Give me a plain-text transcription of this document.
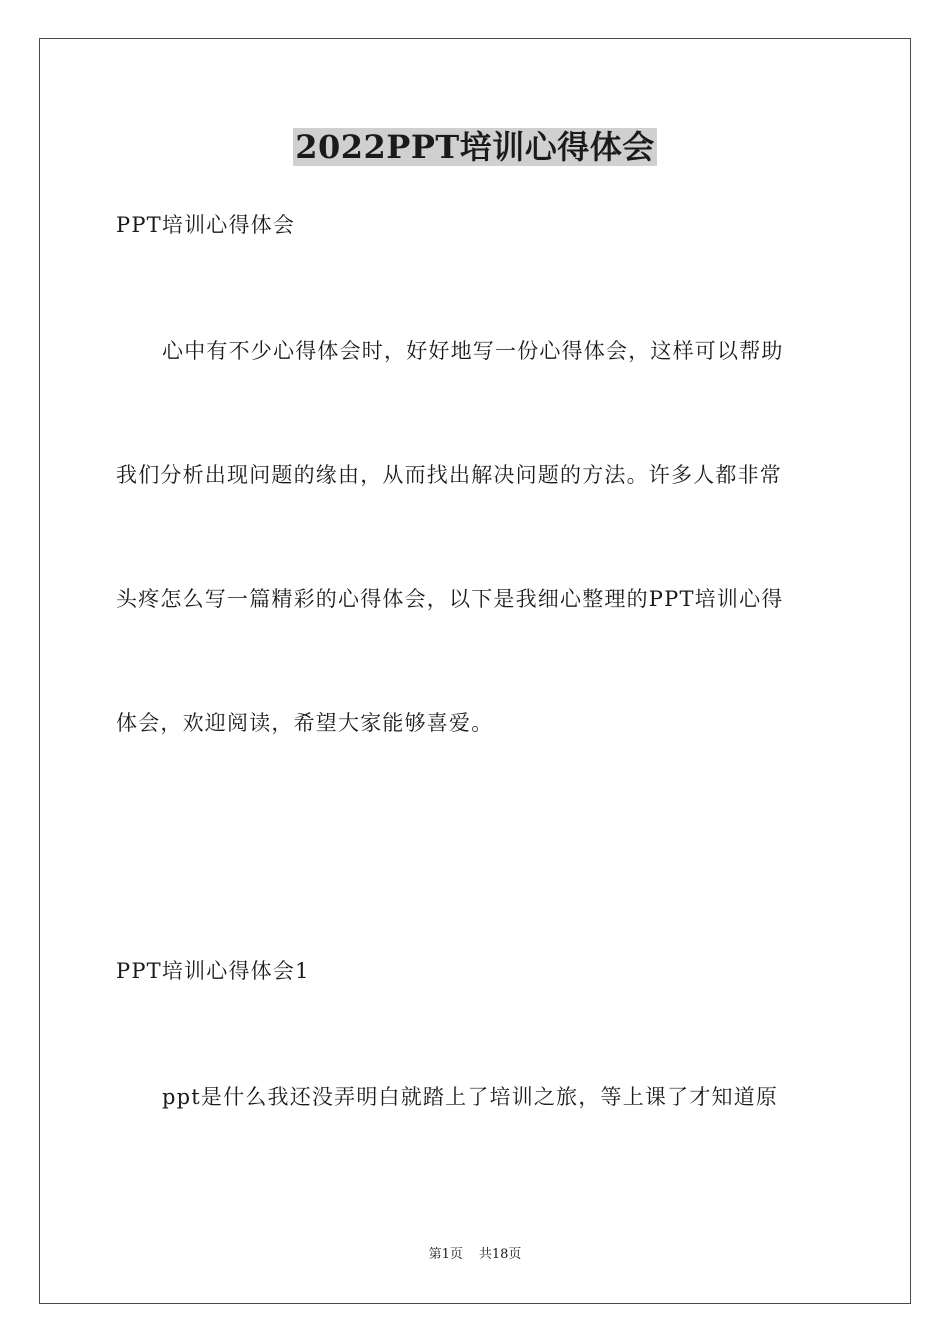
2022PPT培训心得体会
PPT培训心得体会
心中有不少心得体会时，好好地写一份心得体会，这样可以帮助
我们分析出现问题的缘由，从而找出解决问题的方法。许多人都非常
头疼怎么写一篇精彩的心得体会，以下是我细心整理的PPT培训心得
体会，欢迎阅读，希望大家能够喜爱。
PPT培训心得体会1
ppt是什么我还没弄明白就踏上了培训之旅，等上课了才知道原
第1页 共18页
